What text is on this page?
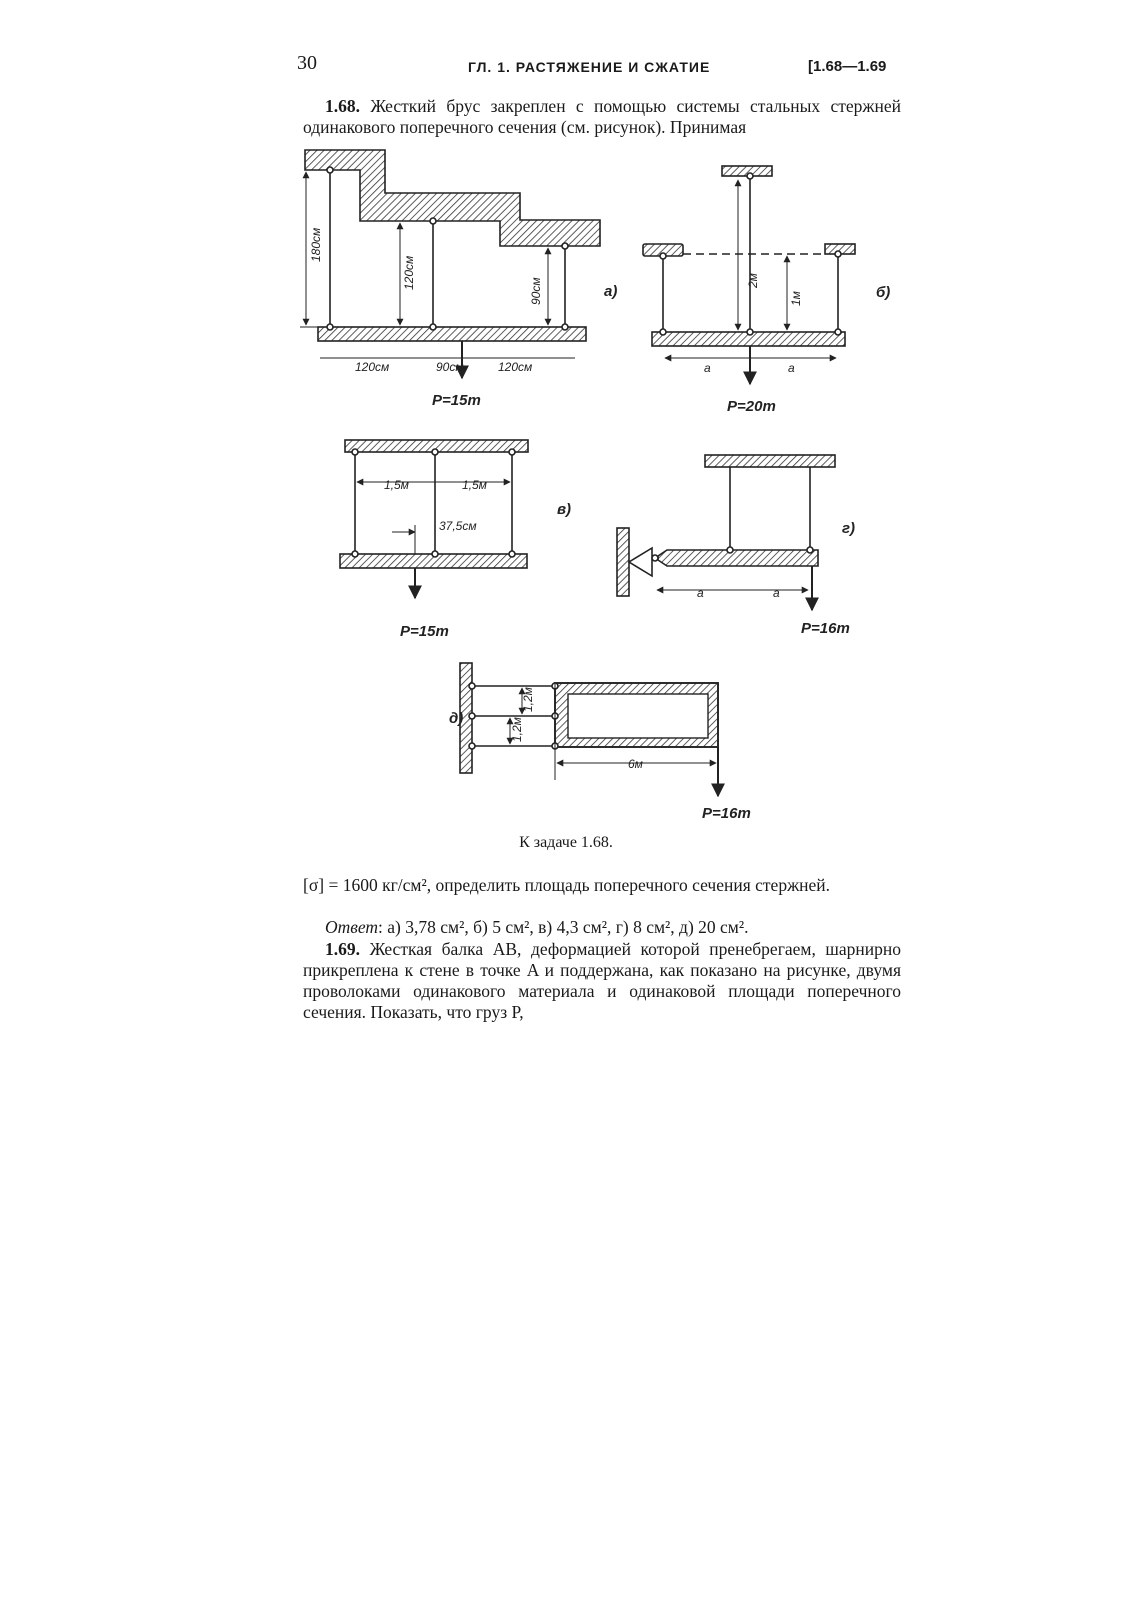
30	ГЛ. 1. РАСТЯЖЕНИЕ И СЖАТИЕ	[1.68—1.69
1.68. Жесткий брус закреплен с помощью системы стальных стержней одинакового поперечного сечения (см. рисунок). Принимая
а)
P=15т
180см
120см
90см
120см	90см	120см
б)
P=20т
2м
1м
a	a
в)
P=15т
1,5м	1,5м
37,5см	г)
P=16т
a	a
д)
P=16т
1,2м
1,2м
6м
К задаче 1.68.
[σ] = 1600 кг/см², определить площадь поперечного сечения стержней.
Ответ: а) 3,78 см², б) 5 см², в) 4,3 см², г) 8 см², д) 20 см².
1.69. Жесткая балка AB, деформацией которой пренебрегаем, шарнирно прикреплена к стене в точке A и поддержана, как показано на рисунке, двумя проволоками одинакового материала и одинаковой площади поперечного сечения. Показать, что груз P,
